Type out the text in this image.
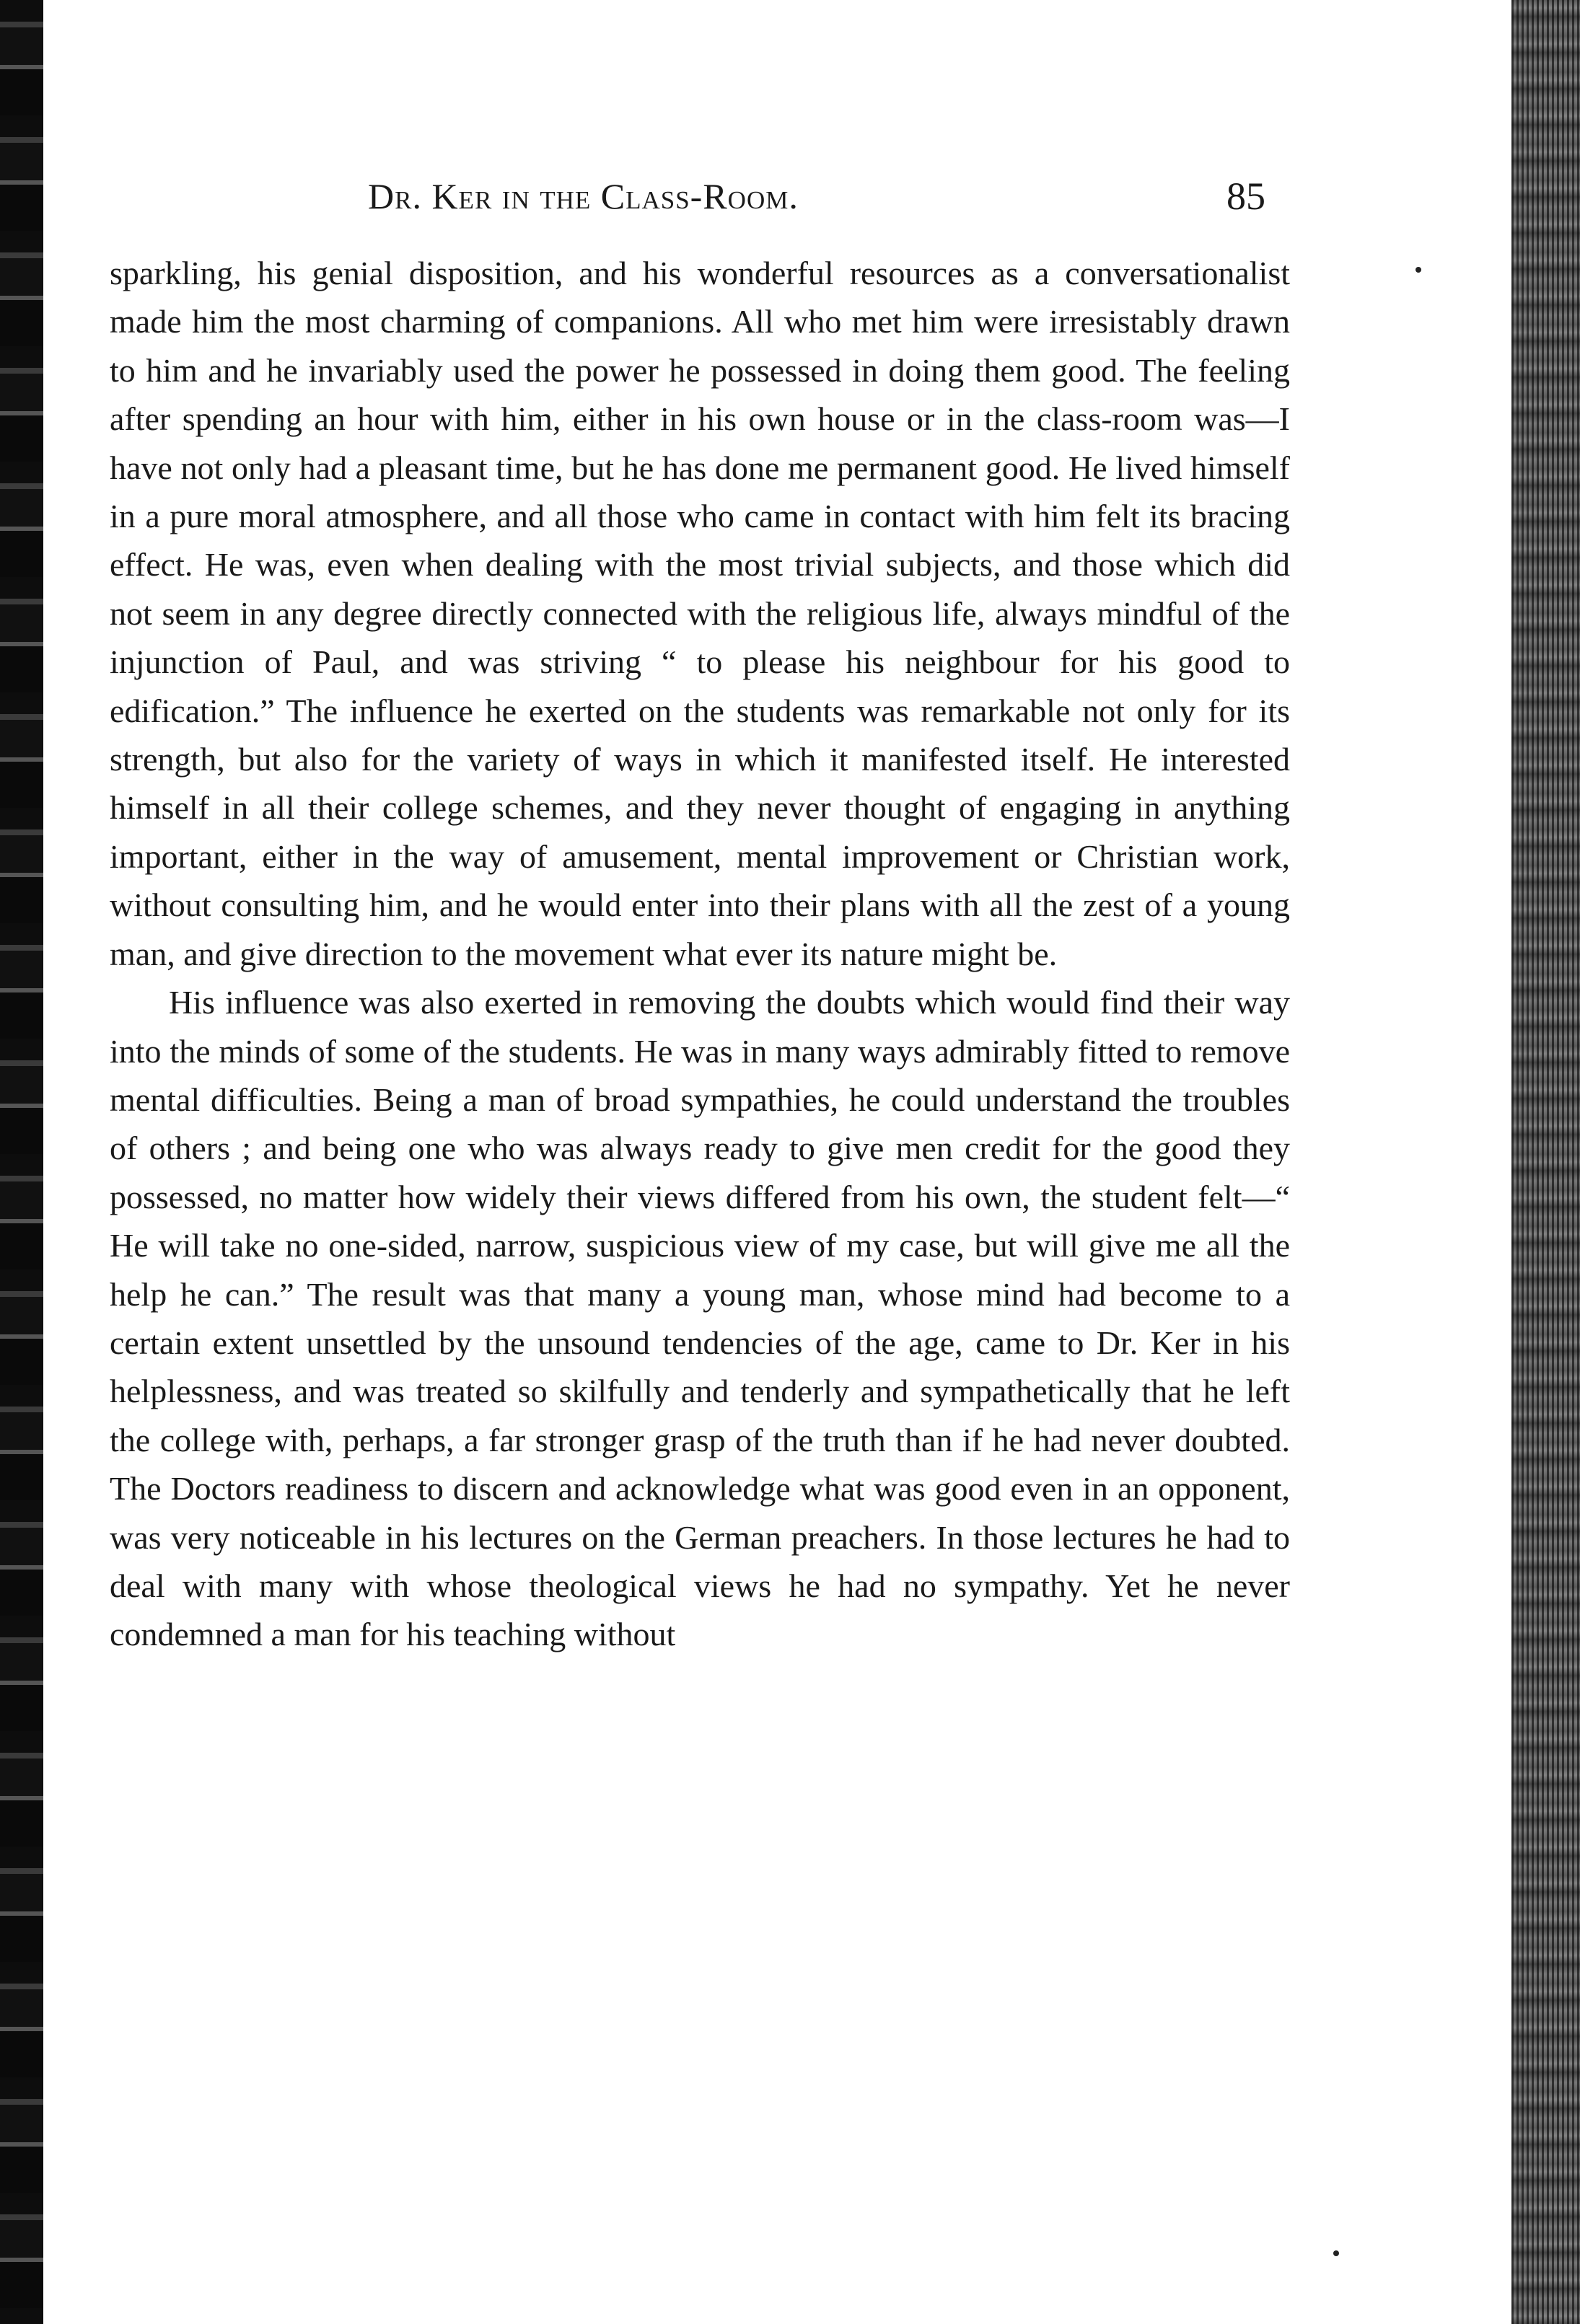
Dr. Ker in the Class-Room.	85

sparkling, his genial disposition, and his wonderful resources as a conversationalist made him the most charming of companions. All who met him were irresistably drawn to him and he invariably used the power he possessed in doing them good. The feeling after spending an hour with him, either in his own house or in the class-room was—I have not only had a pleasant time, but he has done me permanent good. He lived himself in a pure moral atmosphere, and all those who came in contact with him felt its bracing effect. He was, even when dealing with the most trivial subjects, and those which did not seem in any degree directly connected with the religious life, always mindful of the injunction of Paul, and was striving “ to please his neighbour for his good to edification.” The influence he exerted on the students was remarkable not only for its strength, but also for the variety of ways in which it manifested itself. He interested himself in all their college schemes, and they never thought of engaging in anything important, either in the way of amusement, mental improvement or Christian work, without consulting him, and he would enter into their plans with all the zest of a young man, and give direction to the movement what ever its nature might be.

His influence was also exerted in removing the doubts which would find their way into the minds of some of the students. He was in many ways admirably fitted to remove mental difficulties. Being a man of broad sympathies, he could understand the troubles of others ; and being one who was always ready to give men credit for the good they possessed, no matter how widely their views differed from his own, the student felt—“ He will take no one-sided, narrow, suspicious view of my case, but will give me all the help he can.” The result was that many a young man, whose mind had become to a certain extent unsettled by the unsound tendencies of the age, came to Dr. Ker in his helplessness, and was treated so skilfully and tenderly and sympathetically that he left the college with, perhaps, a far stronger grasp of the truth than if he had never doubted. The Doctors readiness to discern and acknowledge what was good even in an opponent, was very noticeable in his lectures on the German preachers. In those lectures he had to deal with many with whose theological views he had no sympathy. Yet he never condemned a man for his teaching without
